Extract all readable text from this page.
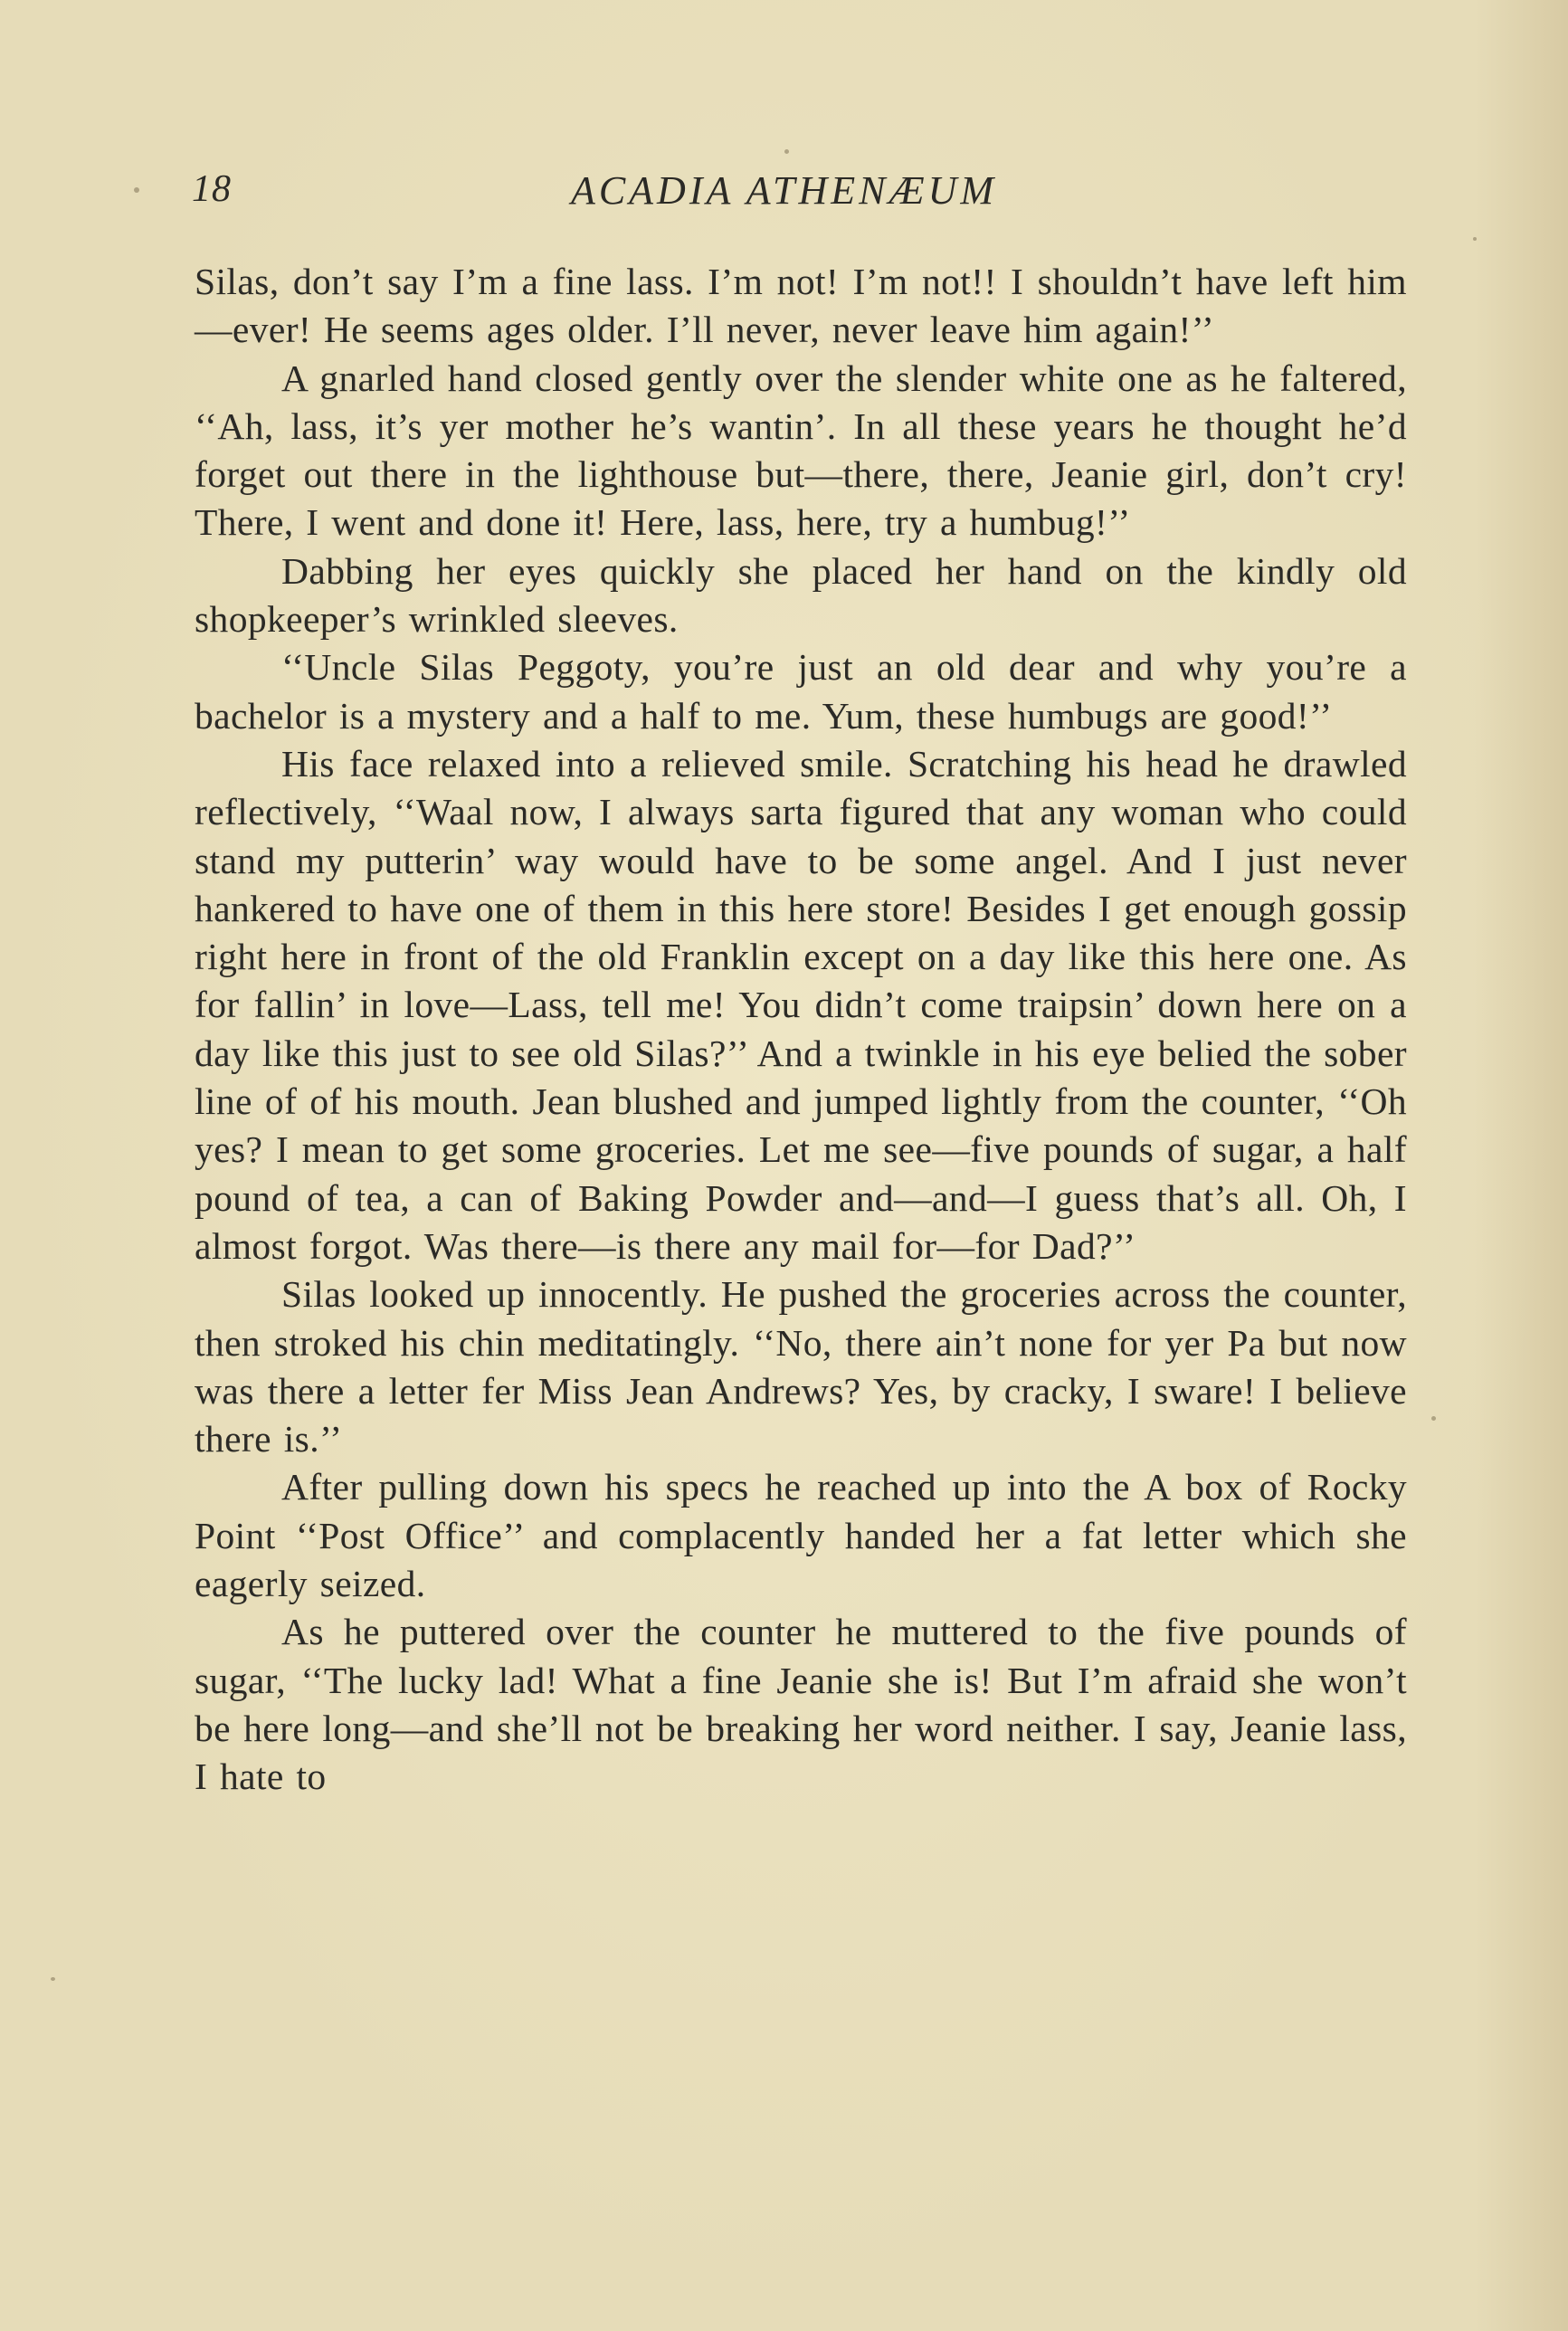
18	ACADIA ATHENÆUM

Silas, don’t say I’m a fine lass. I’m not! I’m not!! I shouldn’t have left him—ever! He seems ages older. I’ll never, never leave him again!’’

A gnarled hand closed gently over the slender white one as he faltered, ‘‘Ah, lass, it’s yer mother he’s wantin’. In all these years he thought he’d forget out there in the lighthouse but—there, there, Jeanie girl, don’t cry! There, I went and done it! Here, lass, here, try a humbug!’’

Dabbing her eyes quickly she placed her hand on the kindly old shopkeeper’s wrinkled sleeves.

‘‘Uncle Silas Peggoty, you’re just an old dear and why you’re a bachelor is a mystery and a half to me. Yum, these humbugs are good!’’

His face relaxed into a relieved smile. Scratching his head he drawled reflectively, ‘‘Waal now, I always sarta figured that any woman who could stand my putterin’ way would have to be some angel. And I just never hankered to have one of them in this here store! Besides I get enough gossip right here in front of the old Franklin except on a day like this here one. As for fallin’ in love—Lass, tell me! You didn’t come traipsin’ down here on a day like this just to see old Silas?’’ And a twinkle in his eye belied the sober line of of his mouth. Jean blushed and jumped lightly from the counter, ‘‘Oh yes? I mean to get some groceries. Let me see—five pounds of sugar, a half pound of tea, a can of Baking Powder and—and—I guess that’s all. Oh, I almost forgot. Was there—is there any mail for—for Dad?’’

Silas looked up innocently. He pushed the groceries across the counter, then stroked his chin meditatingly. ‘‘No, there ain’t none for yer Pa but now was there a letter fer Miss Jean Andrews? Yes, by cracky, I sware! I believe there is.’’

After pulling down his specs he reached up into the A box of Rocky Point ‘‘Post Office’’ and complacently handed her a fat letter which she eagerly seized.

As he puttered over the counter he muttered to the five pounds of sugar, ‘‘The lucky lad! What a fine Jeanie she is! But I’m afraid she won’t be here long—and she’ll not be breaking her word neither. I say, Jeanie lass, I hate to
